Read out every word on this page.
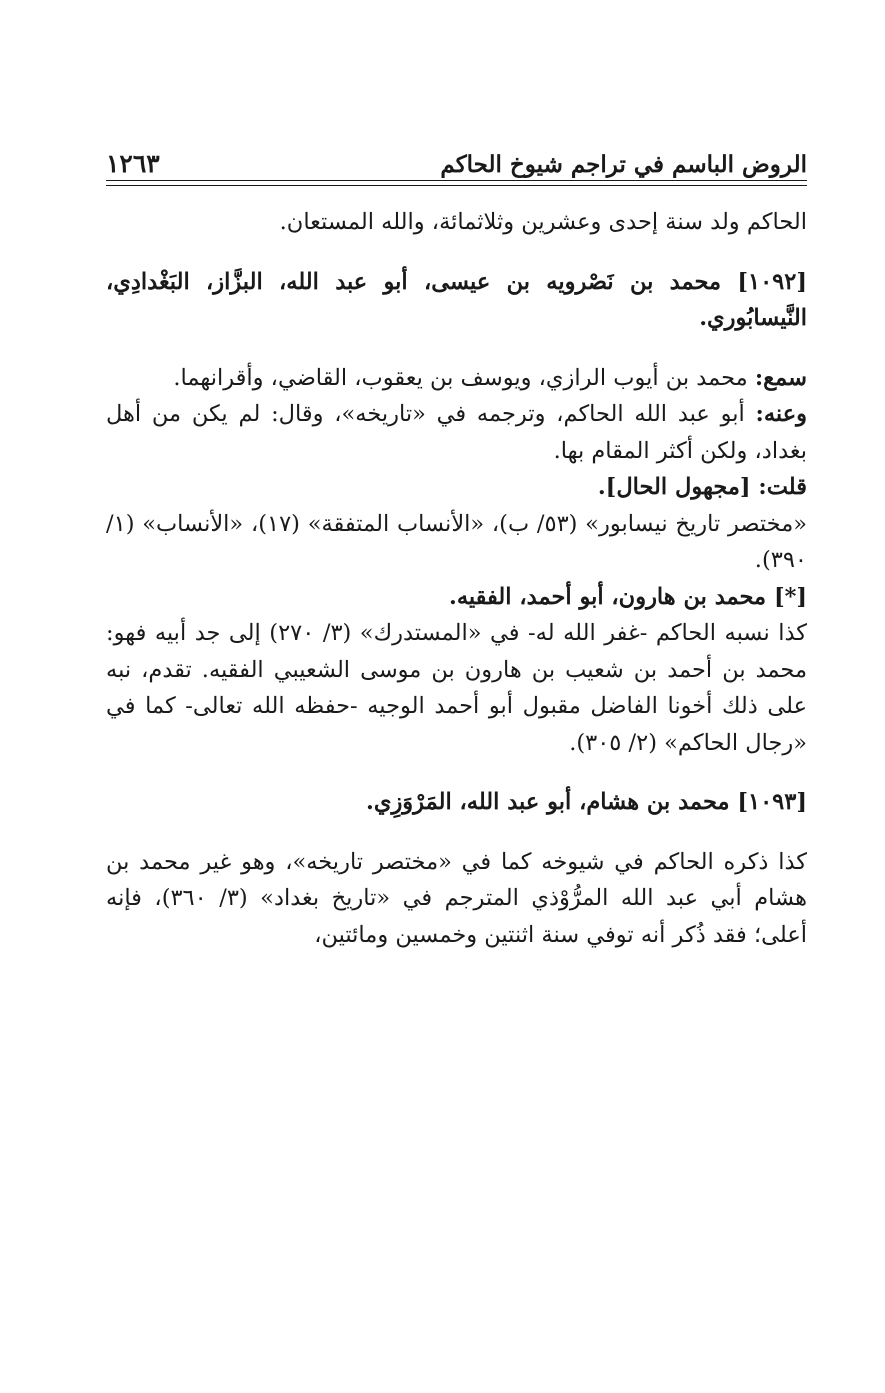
الروض الباسم في تراجم شيوخ الحاكم
١٢٦٣

الحاكم ولد سنة إحدى وعشرين وثلاثمائة، والله المستعان.

[١٠٩٢] محمد بن نَصْرويه بن عيسى، أبو عبد الله، البزَّاز، البَغْدادِي، النَّيسابُوري.

سمع: محمد بن أيوب الرازي، ويوسف بن يعقوب، القاضي، وأقرانهما.

وعنه: أبو عبد الله الحاكم، وترجمه في «تاريخه»، وقال: لم يكن من أهل بغداد، ولكن أكثر المقام بها.

قلت: [مجهول الحال].

«مختصر تاريخ نيسابور» (٥٣/ ب)، «الأنساب المتفقة» (١٧)، «الأنساب» (١/ ٣٩٠).

[*] محمد بن هارون، أبو أحمد، الفقيه.

كذا نسبه الحاكم -غفر الله له- في «المستدرك» (٣/ ٢٧٠) إلى جد أبيه فهو: محمد بن أحمد بن شعيب بن هارون بن موسى الشعيبي الفقيه. تقدم، نبه على ذلك أخونا الفاضل مقبول أبو أحمد الوجيه -حفظه الله تعالى- كما في «رجال الحاكم» (٢/ ٣٠٥).

[١٠٩٣] محمد بن هشام، أبو عبد الله، المَرْوَزِي.

كذا ذكره الحاكم في شيوخه كما في «مختصر تاريخه»، وهو غير محمد بن هشام أبي عبد الله المرُّوْذي المترجم في «تاريخ بغداد» (٣/ ٣٦٠)، فإنه أعلى؛ فقد ذُكر أنه توفي سنة اثنتين وخمسين ومائتين،
